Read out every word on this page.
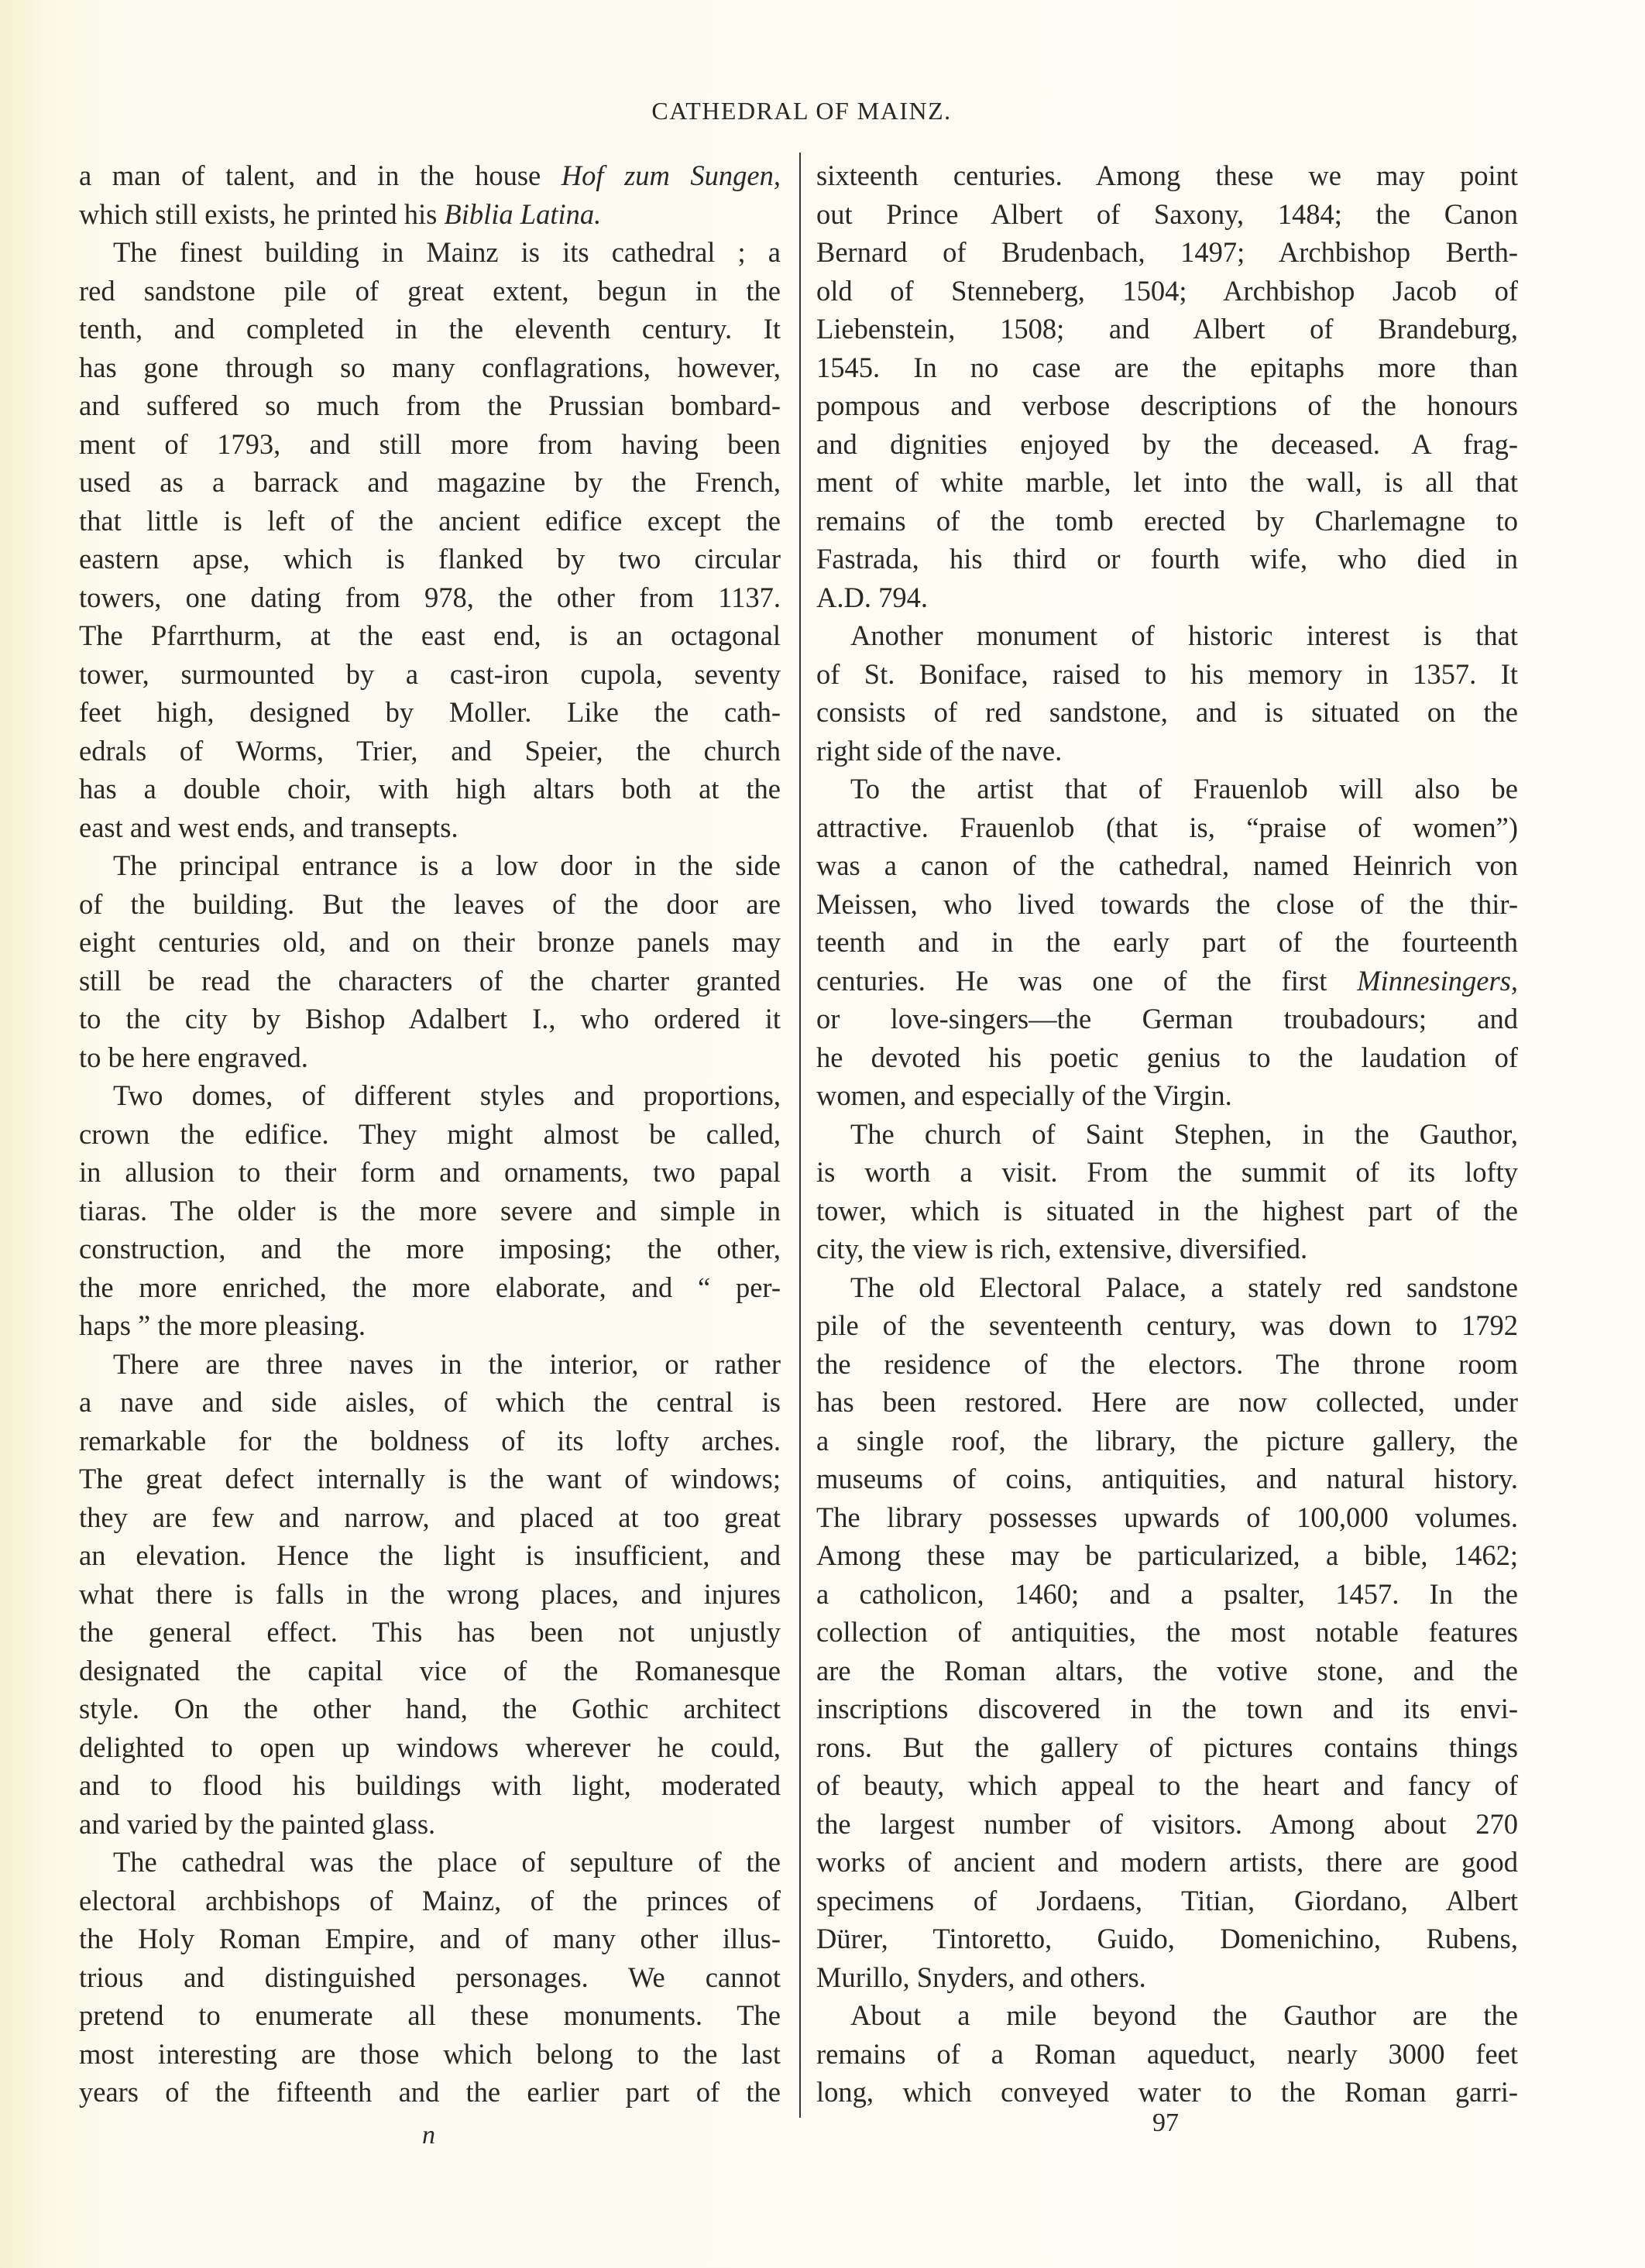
CATHEDRAL OF MAINZ.
a man of talent, and in the house Hof zum Sungen,
which still exists, he printed his Biblia Latina.
The finest building in Mainz is its cathedral ; a
red sandstone pile of great extent, begun in the
tenth, and completed in the eleventh century. It
has gone through so many conflagrations, however,
and suffered so much from the Prussian bombard-
ment of 1793, and still more from having been
used as a barrack and magazine by the French,
that little is left of the ancient edifice except the
eastern apse, which is flanked by two circular
towers, one dating from 978, the other from 1137.
The Pfarrthurm, at the east end, is an octagonal
tower, surmounted by a cast-iron cupola, seventy
feet high, designed by Moller. Like the cath-
edrals of Worms, Trier, and Speier, the church
has a double choir, with high altars both at the
east and west ends, and transepts.
The principal entrance is a low door in the side
of the building. But the leaves of the door are
eight centuries old, and on their bronze panels may
still be read the characters of the charter granted
to the city by Bishop Adalbert I., who ordered it
to be here engraved.
Two domes, of different styles and proportions,
crown the edifice. They might almost be called,
in allusion to their form and ornaments, two papal
tiaras. The older is the more severe and simple in
construction, and the more imposing; the other,
the more enriched, the more elaborate, and “ per-
haps ” the more pleasing.
There are three naves in the interior, or rather
a nave and side aisles, of which the central is
remarkable for the boldness of its lofty arches.
The great defect internally is the want of windows;
they are few and narrow, and placed at too great
an elevation. Hence the light is insufficient, and
what there is falls in the wrong places, and injures
the general effect. This has been not unjustly
designated the capital vice of the Romanesque
style. On the other hand, the Gothic architect
delighted to open up windows wherever he could,
and to flood his buildings with light, moderated
and varied by the painted glass.
The cathedral was the place of sepulture of the
electoral archbishops of Mainz, of the princes of
the Holy Roman Empire, and of many other illus-
trious and distinguished personages. We cannot
pretend to enumerate all these monuments. The
most interesting are those which belong to the last
years of the fifteenth and the earlier part of the
sixteenth centuries. Among these we may point
out Prince Albert of Saxony, 1484; the Canon
Bernard of Brudenbach, 1497; Archbishop Berth-
old of Stenneberg, 1504; Archbishop Jacob of
Liebenstein, 1508; and Albert of Brandeburg,
1545. In no case are the epitaphs more than
pompous and verbose descriptions of the honours
and dignities enjoyed by the deceased. A frag-
ment of white marble, let into the wall, is all that
remains of the tomb erected by Charlemagne to
Fastrada, his third or fourth wife, who died in
A.D. 794.
Another monument of historic interest is that
of St. Boniface, raised to his memory in 1357. It
consists of red sandstone, and is situated on the
right side of the nave.
To the artist that of Frauenlob will also be
attractive. Frauenlob (that is, “praise of women”)
was a canon of the cathedral, named Heinrich von
Meissen, who lived towards the close of the thir-
teenth and in the early part of the fourteenth
centuries. He was one of the first Minnesingers,
or love-singers—the German troubadours; and
he devoted his poetic genius to the laudation of
women, and especially of the Virgin.
The church of Saint Stephen, in the Gauthor,
is worth a visit. From the summit of its lofty
tower, which is situated in the highest part of the
city, the view is rich, extensive, diversified.
The old Electoral Palace, a stately red sandstone
pile of the seventeenth century, was down to 1792
the residence of the electors. The throne room
has been restored. Here are now collected, under
a single roof, the library, the picture gallery, the
museums of coins, antiquities, and natural history.
The library possesses upwards of 100,000 volumes.
Among these may be particularized, a bible, 1462;
a catholicon, 1460; and a psalter, 1457. In the
collection of antiquities, the most notable features
are the Roman altars, the votive stone, and the
inscriptions discovered in the town and its envi-
rons. But the gallery of pictures contains things
of beauty, which appeal to the heart and fancy of
the largest number of visitors. Among about 270
works of ancient and modern artists, there are good
specimens of Jordaens, Titian, Giordano, Albert
Dürer, Tintoretto, Guido, Domenichino, Rubens,
Murillo, Snyders, and others.
About a mile beyond the Gauthor are the
remains of a Roman aqueduct, nearly 3000 feet
long, which conveyed water to the Roman garri-
n	97
